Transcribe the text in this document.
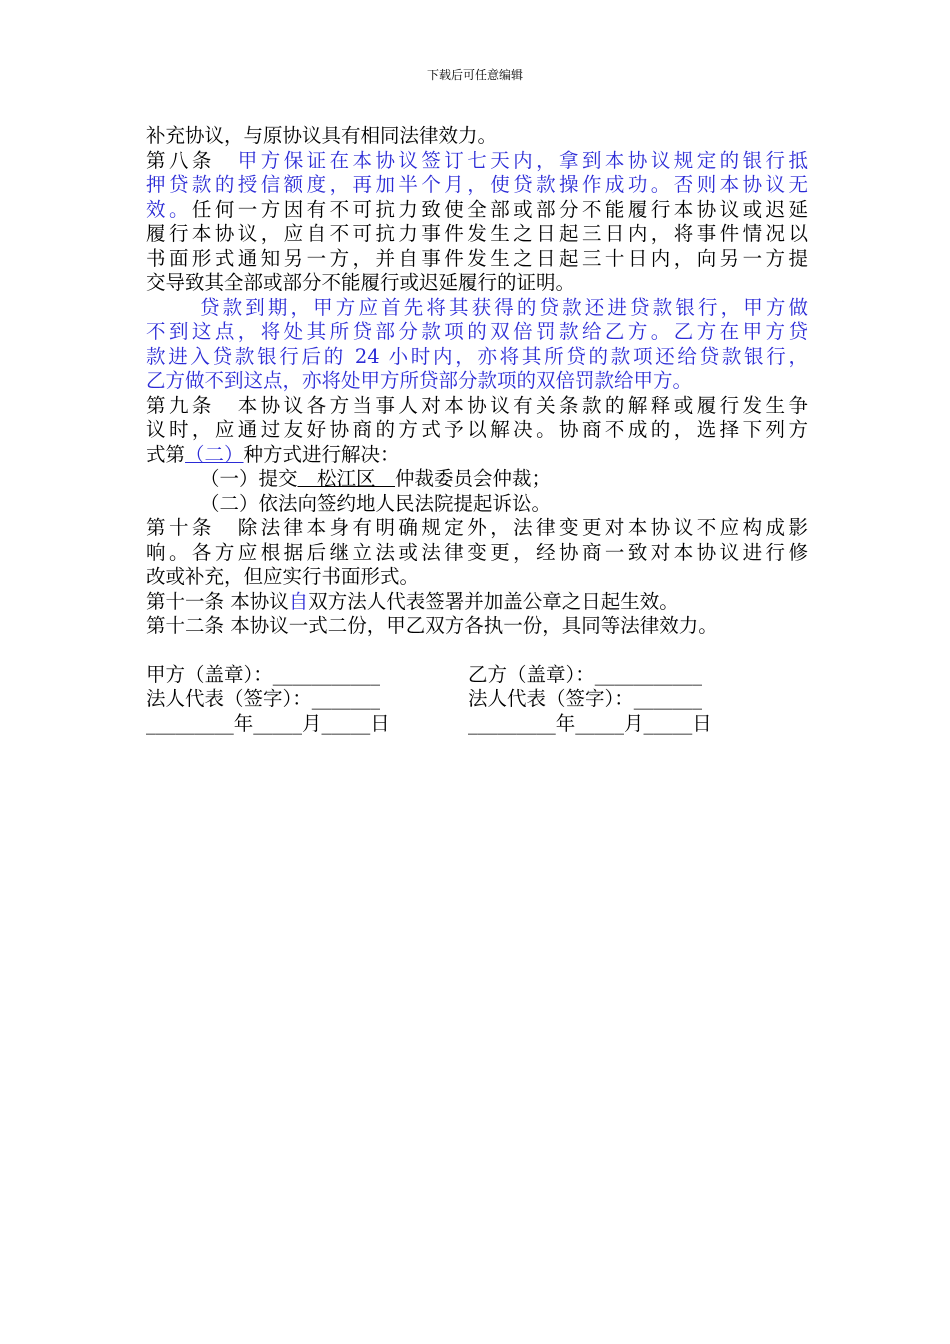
下载后可任意编辑
补充协议，与原协议具有相同法律效力。
第八条　甲方保证在本协议签订七天内，拿到本协议规定的银行抵
押贷款的授信额度，再加半个月，使贷款操作成功。否则本协议无
效。任何一方因有不可抗力致使全部或部分不能履行本协议或迟延
履行本协议，应自不可抗力事件发生之日起三日内，将事件情况以
书面形式通知另一方，并自事件发生之日起三十日内，向另一方提
交导致其全部或部分不能履行或迟延履行的证明。
贷款到期，甲方应首先将其获得的贷款还进贷款银行，甲方做
不到这点，将处其所贷部分款项的双倍罚款给乙方。乙方在甲方贷
款进入贷款银行后的 24 小时内，亦将其所贷的款项还给贷款银行，
乙方做不到这点，亦将处甲方所贷部分款项的双倍罚款给甲方。
第九条　本协议各方当事人对本协议有关条款的解释或履行发生争
议时，应通过友好协商的方式予以解决。协商不成的，选择下列方
式第（二）种方式进行解决：
（一）提交　松江区　仲裁委员会仲裁；
（二）依法向签约地人民法院提起诉讼。
第十条　除法律本身有明确规定外，法律变更对本协议不应构成影
响。各方应根据后继立法或法律变更，经协商一致对本协议进行修
改或补充，但应实行书面形式。
第十一条 本协议自双方法人代表签署并加盖公章之日起生效。
第十二条 本协议一式二份，甲乙双方各执一份，具同等法律效力。
甲方（盖章）：___________	乙方（盖章）：___________
法人代表（签字）：_______	法人代表（签字）：_______
_________年_____月_____日	_________年_____月_____日
